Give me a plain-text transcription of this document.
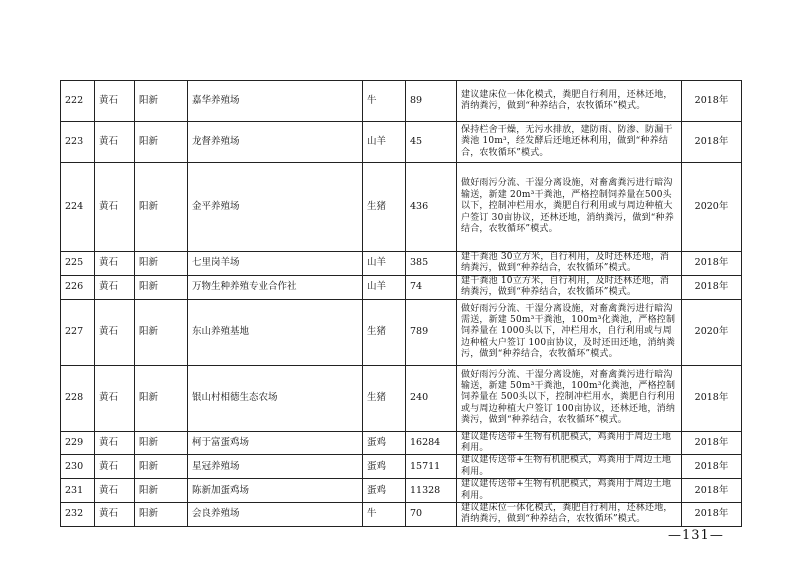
222	黄石	阳新	嘉华养殖场	牛	89	建议建床位一体化模式，粪肥自行利用，还林还地，消纳粪污，做到“种养结合，农牧循环”模式。	2018年
223	黄石	阳新	龙督养殖场	山羊	45	保持栏舍干燥，无污水排放，建防雨、防渗、防漏干粪池 10m³，经发酵后还地还林利用，做到“种养结合，农牧循环”模式。	2018年
224	黄石	阳新	金平养殖场	生猪	436	做好雨污分流、干湿分离设施，对畜禽粪污进行暗沟输送，新建 20m³干粪池，严格控制饲养量在500头以下，控制冲栏用水，粪肥自行利用或与周边种植大户签订 30亩协议，还林还地，消纳粪污，做到“种养结合，农牧循环”模式。	2020年
225	黄石	阳新	七里岗羊场	山羊	385	建干粪池 30立方米，自行利用，及时还林还地，消纳粪污，做到“种养结合，农牧循环”模式。	2018年
226	黄石	阳新	万物生种养殖专业合作社	山羊	74	建干粪池 10立方米，自行利用，及时还林还地，消纳粪污，做到“种养结合，农牧循环”模式。	2018年
227	黄石	阳新	东山养殖基地	生猪	789	做好雨污分流、干湿分离设施，对畜禽粪污进行暗沟需送，新建 50m³干粪池，100m³化粪池，严格控制饲养量在 1000头以下，冲栏用水，自行利用或与周边种植大户签订 100亩协议，及时还田还地，消纳粪污，做到“种养结合，农牧循环”模式。	2020年
228	黄石	阳新	银山村相德生态农场	生猪	240	做好雨污分流、干湿分离设施，对畜禽粪污进行暗沟输送，新建 50m³干粪池，100m³化粪池，严格控制饲养量在 500头以下，控制冲栏用水，粪肥自行利用或与周边种植大户签订 100亩协议，还林还地，消纳粪污，做到“种养结合，农牧循环”模式。	2018年
229	黄石	阳新	柯于富蛋鸡场	蛋鸡	16284	建议建传送带+生物有机肥模式，鸡粪用于周边土地利用。	2018年
230	黄石	阳新	星冠养殖场	蛋鸡	15711	建议建传送带+生物有机肥模式，鸡粪用于周边土地利用。	2018年
231	黄石	阳新	陈新加蛋鸡场	蛋鸡	11328	建议建传送带+生物有机肥模式，鸡粪用于周边土地利用。	2018年
232	黄石	阳新	会良养殖场	牛	70	建议建床位一体化模式，粪肥自行利用，还林还地，消纳粪污，做到“种养结合，农牧循环”模式。	2018年
—131—
